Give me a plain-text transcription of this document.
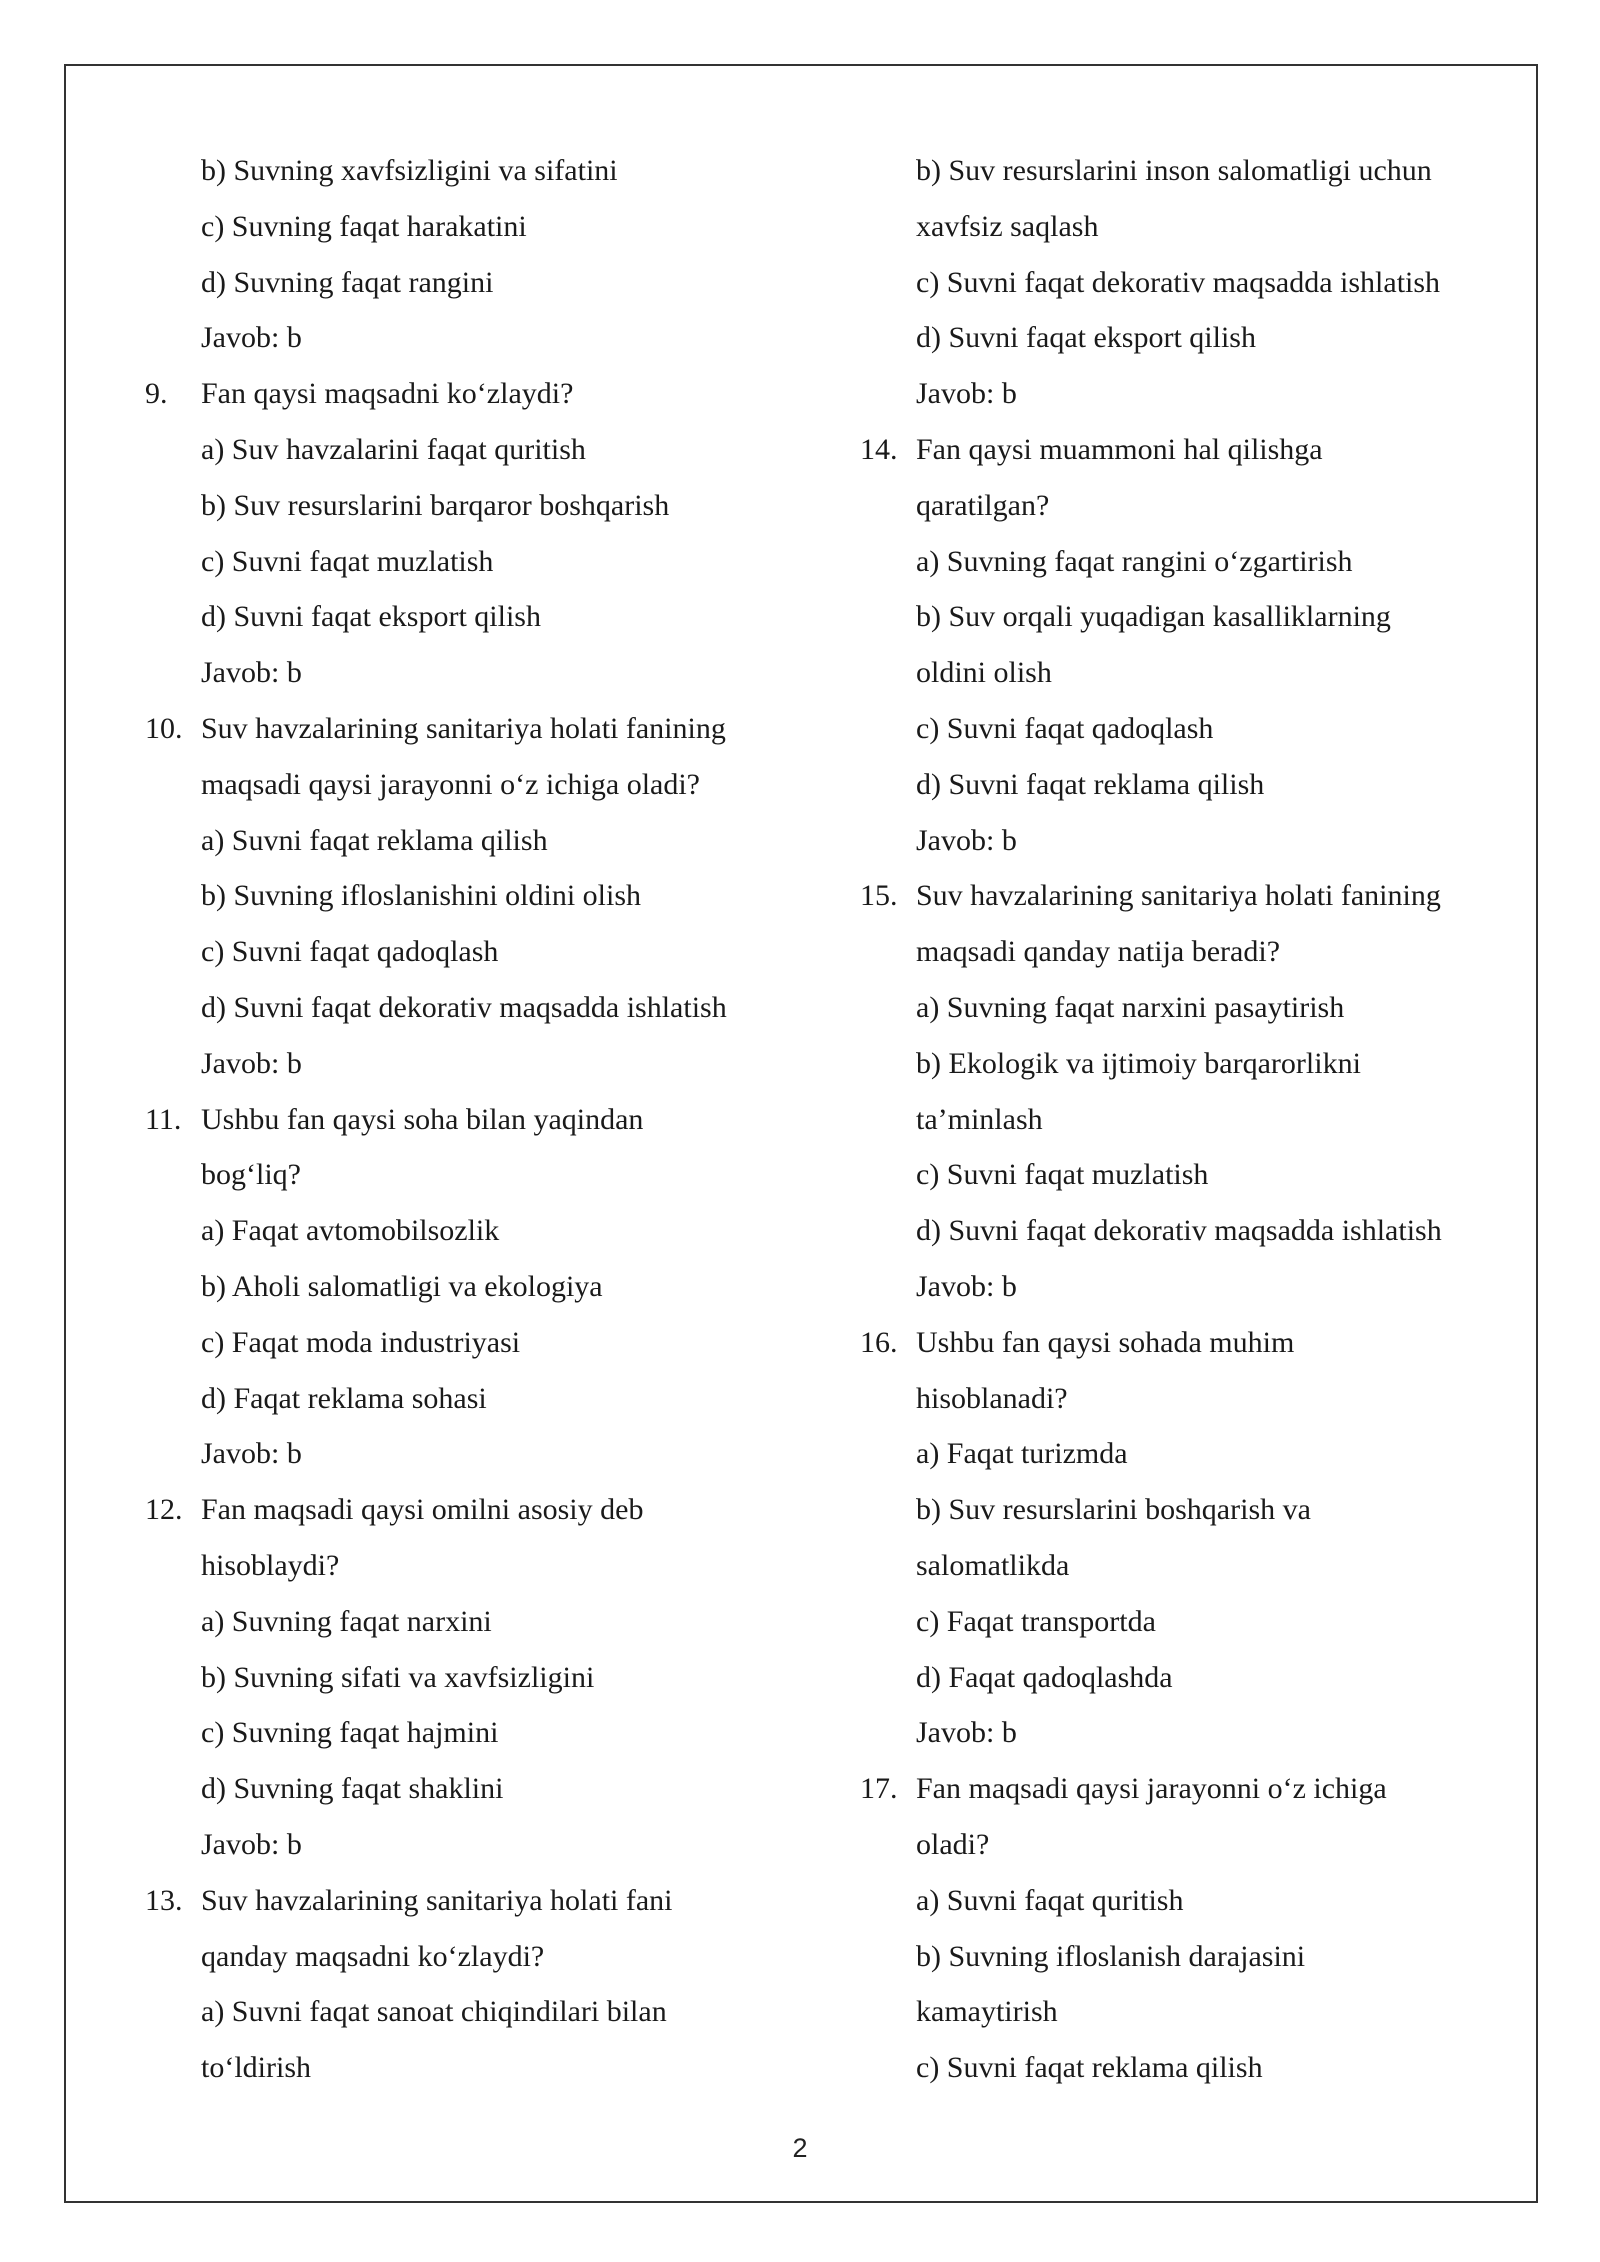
b) Suvning xavfsizligini va sifatini
c) Suvning faqat harakatini
d) Suvning faqat rangini
Javob: b
9.	Fan qaysi maqsadni ko‘zlaydi?
a) Suv havzalarini faqat quritish
b) Suv resurslarini barqaror boshqarish
c) Suvni faqat muzlatish
d) Suvni faqat eksport qilish
Javob: b
10. Suv havzalarining sanitariya holati fanining
maqsadi qaysi jarayonni o‘z ichiga oladi?
a) Suvni faqat reklama qilish
b) Suvning ifloslanishini oldini olish
c) Suvni faqat qadoqlash
d) Suvni faqat dekorativ maqsadda ishlatish
Javob: b
11. Ushbu fan qaysi soha bilan yaqindan
bog‘liq?
a) Faqat avtomobilsozlik
b) Aholi salomatligi va ekologiya
c) Faqat moda industriyasi
d) Faqat reklama sohasi
Javob: b
12. Fan maqsadi qaysi omilni asosiy deb
hisoblaydi?
a) Suvning faqat narxini
b) Suvning sifati va xavfsizligini
c) Suvning faqat hajmini
d) Suvning faqat shaklini
Javob: b
13. Suv havzalarining sanitariya holati fani
qanday maqsadni ko‘zlaydi?
a) Suvni faqat sanoat chiqindilari bilan
to‘ldirish
b) Suv resurslarini inson salomatligi uchun
xavfsiz saqlash
c) Suvni faqat dekorativ maqsadda ishlatish
d) Suvni faqat eksport qilish
Javob: b
14. Fan qaysi muammoni hal qilishga
qaratilgan?
a) Suvning faqat rangini o‘zgartirish
b) Suv orqali yuqadigan kasalliklarning
oldini olish
c) Suvni faqat qadoqlash
d) Suvni faqat reklama qilish
Javob: b
15. Suv havzalarining sanitariya holati fanining
maqsadi qanday natija beradi?
a) Suvning faqat narxini pasaytirish
b) Ekologik va ijtimoiy barqarorlikni
ta’minlash
c) Suvni faqat muzlatish
d) Suvni faqat dekorativ maqsadda ishlatish
Javob: b
16. Ushbu fan qaysi sohada muhim
hisoblanadi?
a) Faqat turizmda
b) Suv resurslarini boshqarish va
salomatlikda
c) Faqat transportda
d) Faqat qadoqlashda
Javob: b
17. Fan maqsadi qaysi jarayonni o‘z ichiga
oladi?
a) Suvni faqat quritish
b) Suvning ifloslanish darajasini
kamaytirish
c) Suvni faqat reklama qilish
2
